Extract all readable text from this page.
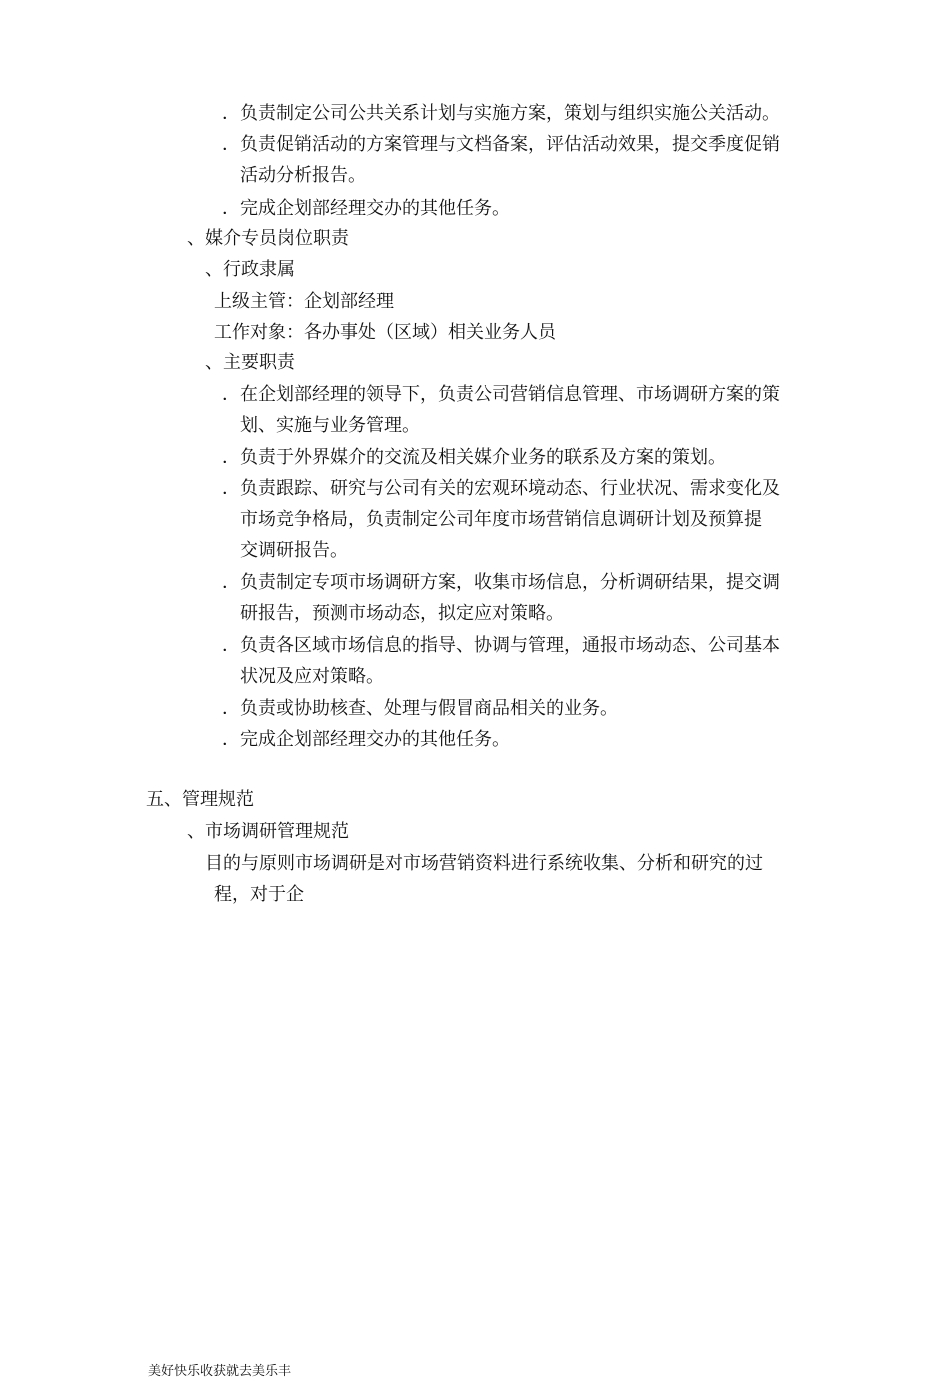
．负责制定公司公共关系计划与实施方案，策划与组织实施公关活动。
．负责促销活动的方案管理与文档备案，评估活动效果，提交季度促销
活动分析报告。
．完成企划部经理交办的其他任务。
、媒介专员岗位职责
、行政隶属
上级主管：企划部经理
工作对象：各办事处（区域）相关业务人员
、主要职责
．在企划部经理的领导下，负责公司营销信息管理、市场调研方案的策
划、实施与业务管理。
．负责于外界媒介的交流及相关媒介业务的联系及方案的策划。
．负责跟踪、研究与公司有关的宏观环境动态、行业状况、需求变化及
市场竞争格局，负责制定公司年度市场营销信息调研计划及预算提
交调研报告。
．负责制定专项市场调研方案，收集市场信息，分析调研结果，提交调
研报告，预测市场动态，拟定应对策略。
．负责各区域市场信息的指导、协调与管理，通报市场动态、公司基本
状况及应对策略。
．负责或协助核查、处理与假冒商品相关的业务。
．完成企划部经理交办的其他任务。
五、管理规范
、市场调研管理规范
目的与原则市场调研是对市场营销资料进行系统收集、分析和研究的过
程，对于企
美好快乐收获就去美乐丰
